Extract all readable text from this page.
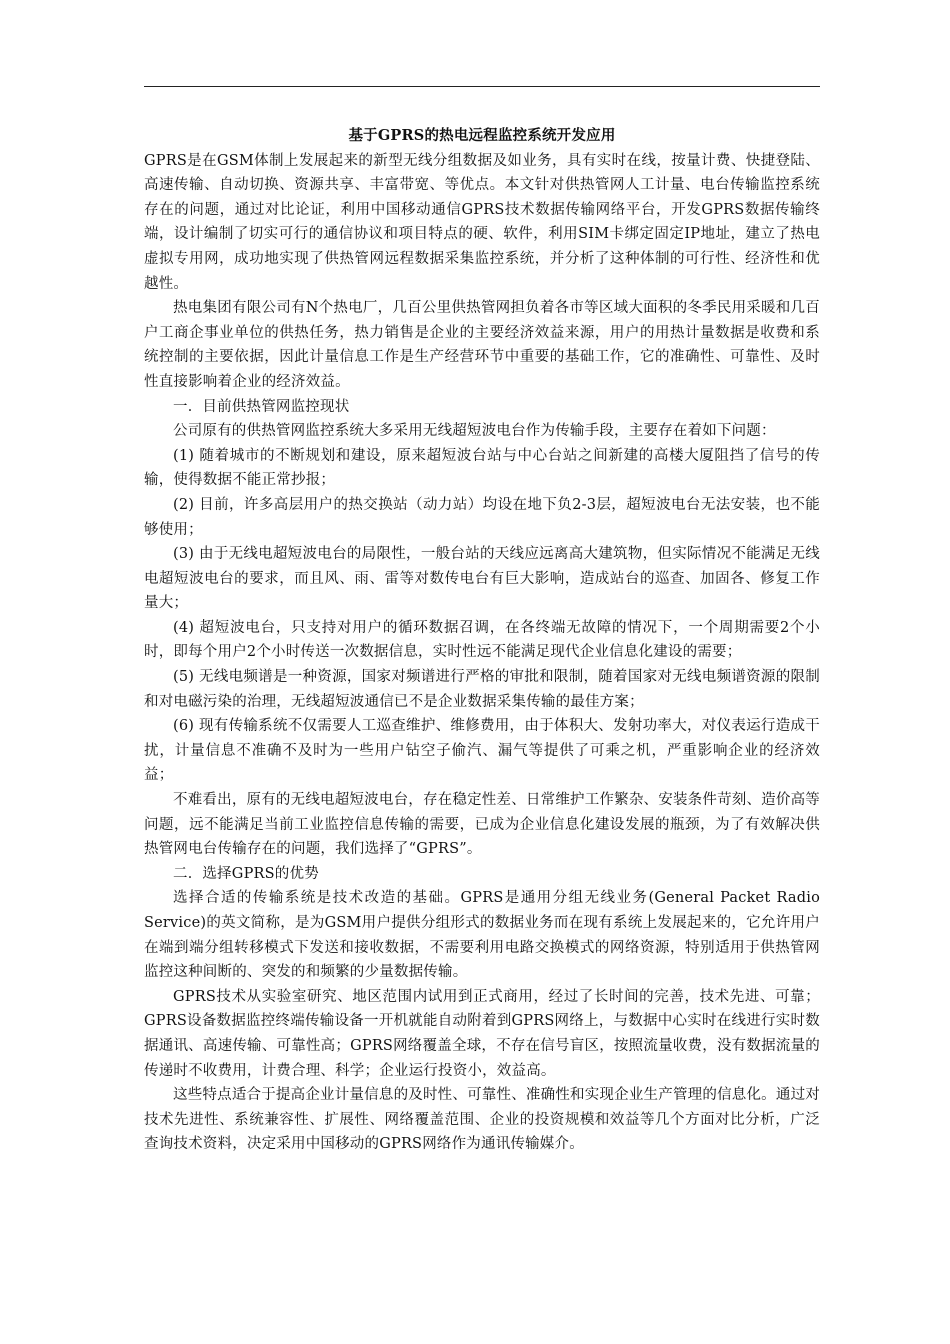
基于GPRS的热电远程监控系统开发应用

GPRS是在GSM体制上发展起来的新型无线分组数据及如业务，具有实时在线，按量计费、快捷登陆、高速传输、自动切换、资源共享、丰富带宽、等优点。本文针对供热管网人工计量、电台传输监控系统存在的问题，通过对比论证，利用中国移动通信GPRS技术数据传输网络平台，开发GPRS数据传输终端，设计编制了切实可行的通信协议和项目特点的硬、软件，利用SIM卡绑定固定IP地址，建立了热电虚拟专用网，成功地实现了供热管网远程数据采集监控系统，并分析了这种体制的可行性、经济性和优越性。

热电集团有限公司有N个热电厂，几百公里供热管网担负着各市等区域大面积的冬季民用采暖和几百户工商企事业单位的供热任务，热力销售是企业的主要经济效益来源，用户的用热计量数据是收费和系统控制的主要依据，因此计量信息工作是生产经营环节中重要的基础工作，它的准确性、可靠性、及时性直接影响着企业的经济效益。

一．目前供热管网监控现状

公司原有的供热管网监控系统大多采用无线超短波电台作为传输手段，主要存在着如下问题：

(1) 随着城市的不断规划和建设，原来超短波台站与中心台站之间新建的高楼大厦阻挡了信号的传输，使得数据不能正常抄报；

(2) 目前，许多高层用户的热交换站（动力站）均设在地下负2-3层，超短波电台无法安装，也不能够使用；

(3) 由于无线电超短波电台的局限性，一般台站的天线应远离高大建筑物，但实际情况不能满足无线电超短波电台的要求，而且风、雨、雷等对数传电台有巨大影响，造成站台的巡查、加固各、修复工作量大；

(4) 超短波电台，只支持对用户的循环数据召调，在各终端无故障的情况下，一个周期需要2个小时，即每个用户2个小时传送一次数据信息，实时性远不能满足现代企业信息化建设的需要；

(5) 无线电频谱是一种资源，国家对频谱进行严格的审批和限制，随着国家对无线电频谱资源的限制和对电磁污染的治理，无线超短波通信已不是企业数据采集传输的最佳方案；

(6) 现有传输系统不仅需要人工巡查维护、维修费用，由于体积大、发射功率大，对仪表运行造成干扰，计量信息不准确不及时为一些用户钻空子偷汽、漏气等提供了可乘之机，严重影响企业的经济效益；

不难看出，原有的无线电超短波电台，存在稳定性差、日常维护工作繁杂、安装条件苛刻、造价高等问题，远不能满足当前工业监控信息传输的需要，已成为企业信息化建设发展的瓶颈，为了有效解决供热管网电台传输存在的问题，我们选择了“GPRS”。

二．选择GPRS的优势

选择合适的传输系统是技术改造的基础。GPRS是通用分组无线业务(General Packet Radio Service)的英文简称，是为GSM用户提供分组形式的数据业务而在现有系统上发展起来的，它允许用户在端到端分组转移模式下发送和接收数据，不需要利用电路交换模式的网络资源，特别适用于供热管网监控这种间断的、突发的和频繁的少量数据传输。

GPRS技术从实验室研究、地区范围内试用到正式商用，经过了长时间的完善，技术先进、可靠；GPRS设备数据监控终端传输设备一开机就能自动附着到GPRS网络上，与数据中心实时在线进行实时数据通讯、高速传输、可靠性高；GPRS网络覆盖全球，不存在信号盲区，按照流量收费，没有数据流量的传递时不收费用，计费合理、科学；企业运行投资小，效益高。

这些特点适合于提高企业计量信息的及时性、可靠性、准确性和实现企业生产管理的信息化。通过对技术先进性、系统兼容性、扩展性、网络覆盖范围、企业的投资规模和效益等几个方面对比分析，广泛查询技术资料，决定采用中国移动的GPRS网络作为通讯传输媒介。
